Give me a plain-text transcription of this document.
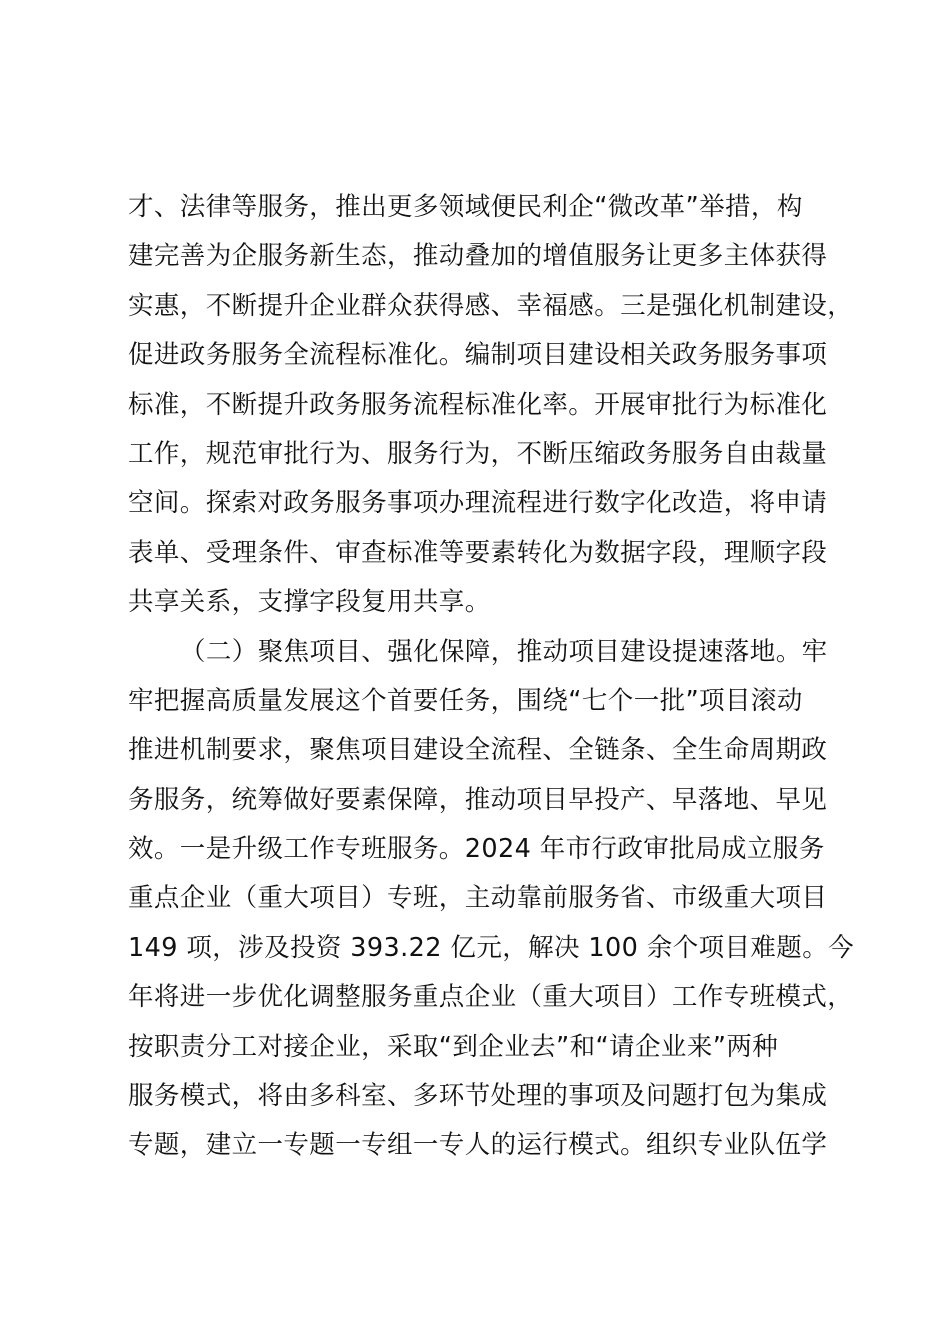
才、法律等服务，推出更多领域便民利企“微改革”举措，构
建完善为企服务新生态，推动叠加的增值服务让更多主体获得
实惠，不断提升企业群众获得感、幸福感。三是强化机制建设，
促进政务服务全流程标准化。编制项目建设相关政务服务事项
标准，不断提升政务服务流程标准化率。开展审批行为标准化
工作，规范审批行为、服务行为，不断压缩政务服务自由裁量
空间。探索对政务服务事项办理流程进行数字化改造，将申请
表单、受理条件、审查标准等要素转化为数据字段，理顺字段
共享关系，支撑字段复用共享。
（二）聚焦项目、强化保障，推动项目建设提速落地。牢
牢把握高质量发展这个首要任务，围绕“七个一批”项目滚动
推进机制要求，聚焦项目建设全流程、全链条、全生命周期政
务服务，统筹做好要素保障，推动项目早投产、早落地、早见
效。一是升级工作专班服务。2024 年市行政审批局成立服务
重点企业（重大项目）专班，主动靠前服务省、市级重大项目
149 项，涉及投资 393.22 亿元，解决 100 余个项目难题。今
年将进一步优化调整服务重点企业（重大项目）工作专班模式，
按职责分工对接企业，采取“到企业去”和“请企业来”两种
服务模式，将由多科室、多环节处理的事项及问题打包为集成
专题，建立一专题一专组一专人的运行模式。组织专业队伍学
